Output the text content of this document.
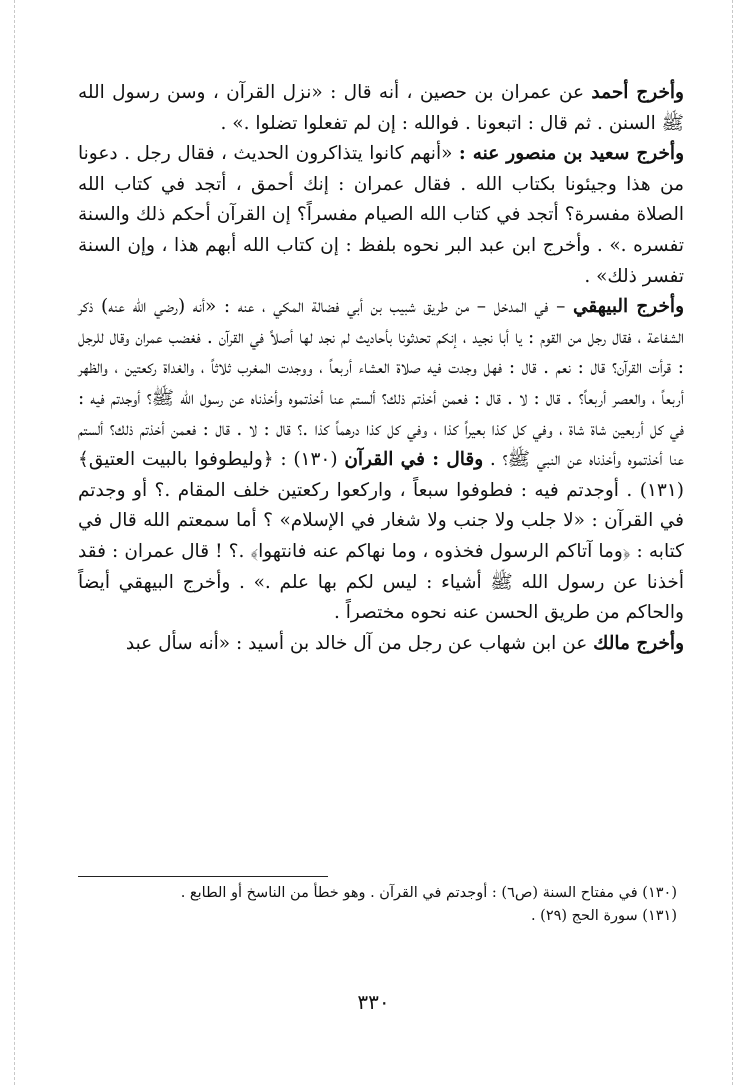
وأخرج أحمد عن عمران بن حصين ، أنه قال : «نزل القرآن ، وسن رسول الله ﷺ السنن . ثم قال : اتبعونا . فوالله : إن لم تفعلوا تضلوا .» .

وأخرج سعيد بن منصور عنه : «أنهم كانوا يتذاكرون الحديث ، فقال رجل . دعونا من هذا وجيئونا بكتاب الله . فقال عمران : إنك أحمق ، أتجد في كتاب الله الصلاة مفسرة؟ أتجد في كتاب الله الصيام مفسراً؟ إن القرآن أحكم ذلك والسنة تفسره .» . وأخرج ابن عبد البر نحوه بلفظ : إن كتاب الله أبهم هذا ، وإن السنة تفسر ذلك» .

وأخرج البيهقي – في المدخل – من طريق شبيب بن أبي فضالة المكي ، عنه : «أنه (رضي الله عنه) ذكر الشفاعة ، فقال رجل من القوم : يا أبا نجيد ، إنكم تحدثونا بأحاديث لم نجد لها أصلاً في القرآن . فغضب عمران وقال للرجل : قرأت القرآن؟ قال : نعم . قال : فهل وجدت فيه صلاة العشاء أربعاً ، ووجدت المغرب ثلاثاً ، والغداة ركعتين ، والظهر أربعاً ، والعصر أربعاً؟ . قال : لا . قال : فعمن أخذتم ذلك؟ ألستم عنا أخذتموه وأخذناه عن رسول الله ﷺ؟ أوجدتم فيه : في كل أربعين شاة شاة ، وفي كل كذا بعيراً كذا ، وفي كل كذا درهماً كذا .؟ قال : لا . قال : فعمن أخذتم ذلك؟ ألستم عنا أخذتموه وأخذناه عن النبي ﷺ؟ . وقال : في القرآن (١٣٠) : ﴿وليطوفوا بالبيت العتيق﴾ (١٣١) . أوجدتم فيه : فطوفوا سبعاً ، واركعوا ركعتين خلف المقام .؟ أو وجدتم في القرآن : «لا جلب ولا جنب ولا شغار في الإسلام» ؟ أما سمعتم الله قال في كتابه : ﴿وما آتاكم الرسول فخذوه ، وما نهاكم عنه فانتهوا﴾ .؟ ! قال عمران : فقد أخذنا عن رسول الله ﷺ أشياء : ليس لكم بها علم .» . وأخرج البيهقي أيضاً والحاكم من طريق الحسن عنه نحوه مختصراً .

وأخرج مالك عن ابن شهاب عن رجل من آل خالد بن أسيد : «أنه سأل عبد

(١٣٠) في مفتاح السنة (ص٦) : أوجدتم في القرآن . وهو خطأ من الناسخ أو الطابع .

(١٣١) سورة الحج (٢٩) .

٣٣٠
